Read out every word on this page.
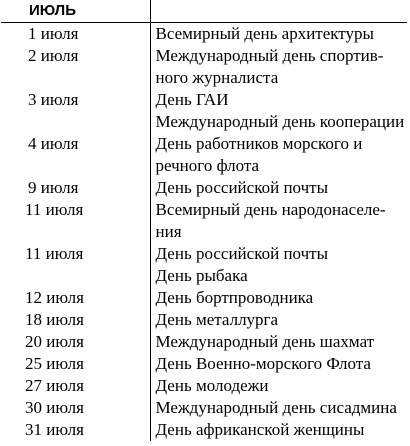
ИЮЛЬ	
1 июля	Всемирный день архитектуры

2 июля	Международный день спортив-
ного журналиста

3 июля	День ГАИ

	Международный день кооперации

4 июля	День работников морского и
речного флота

9 июля	День российской почты

11 июля	Всемирный день народонаселе-
ния

11 июля	День российской почты

	День рыбака

12 июля	День бортпроводника

18 июля	День металлурга

20 июля	Международный день шахмат

25 июля	День Военно-морского Флота

27 июля	День молодежи

30 июля	Международный день сисадмина

31 июля	День африканской женщины
